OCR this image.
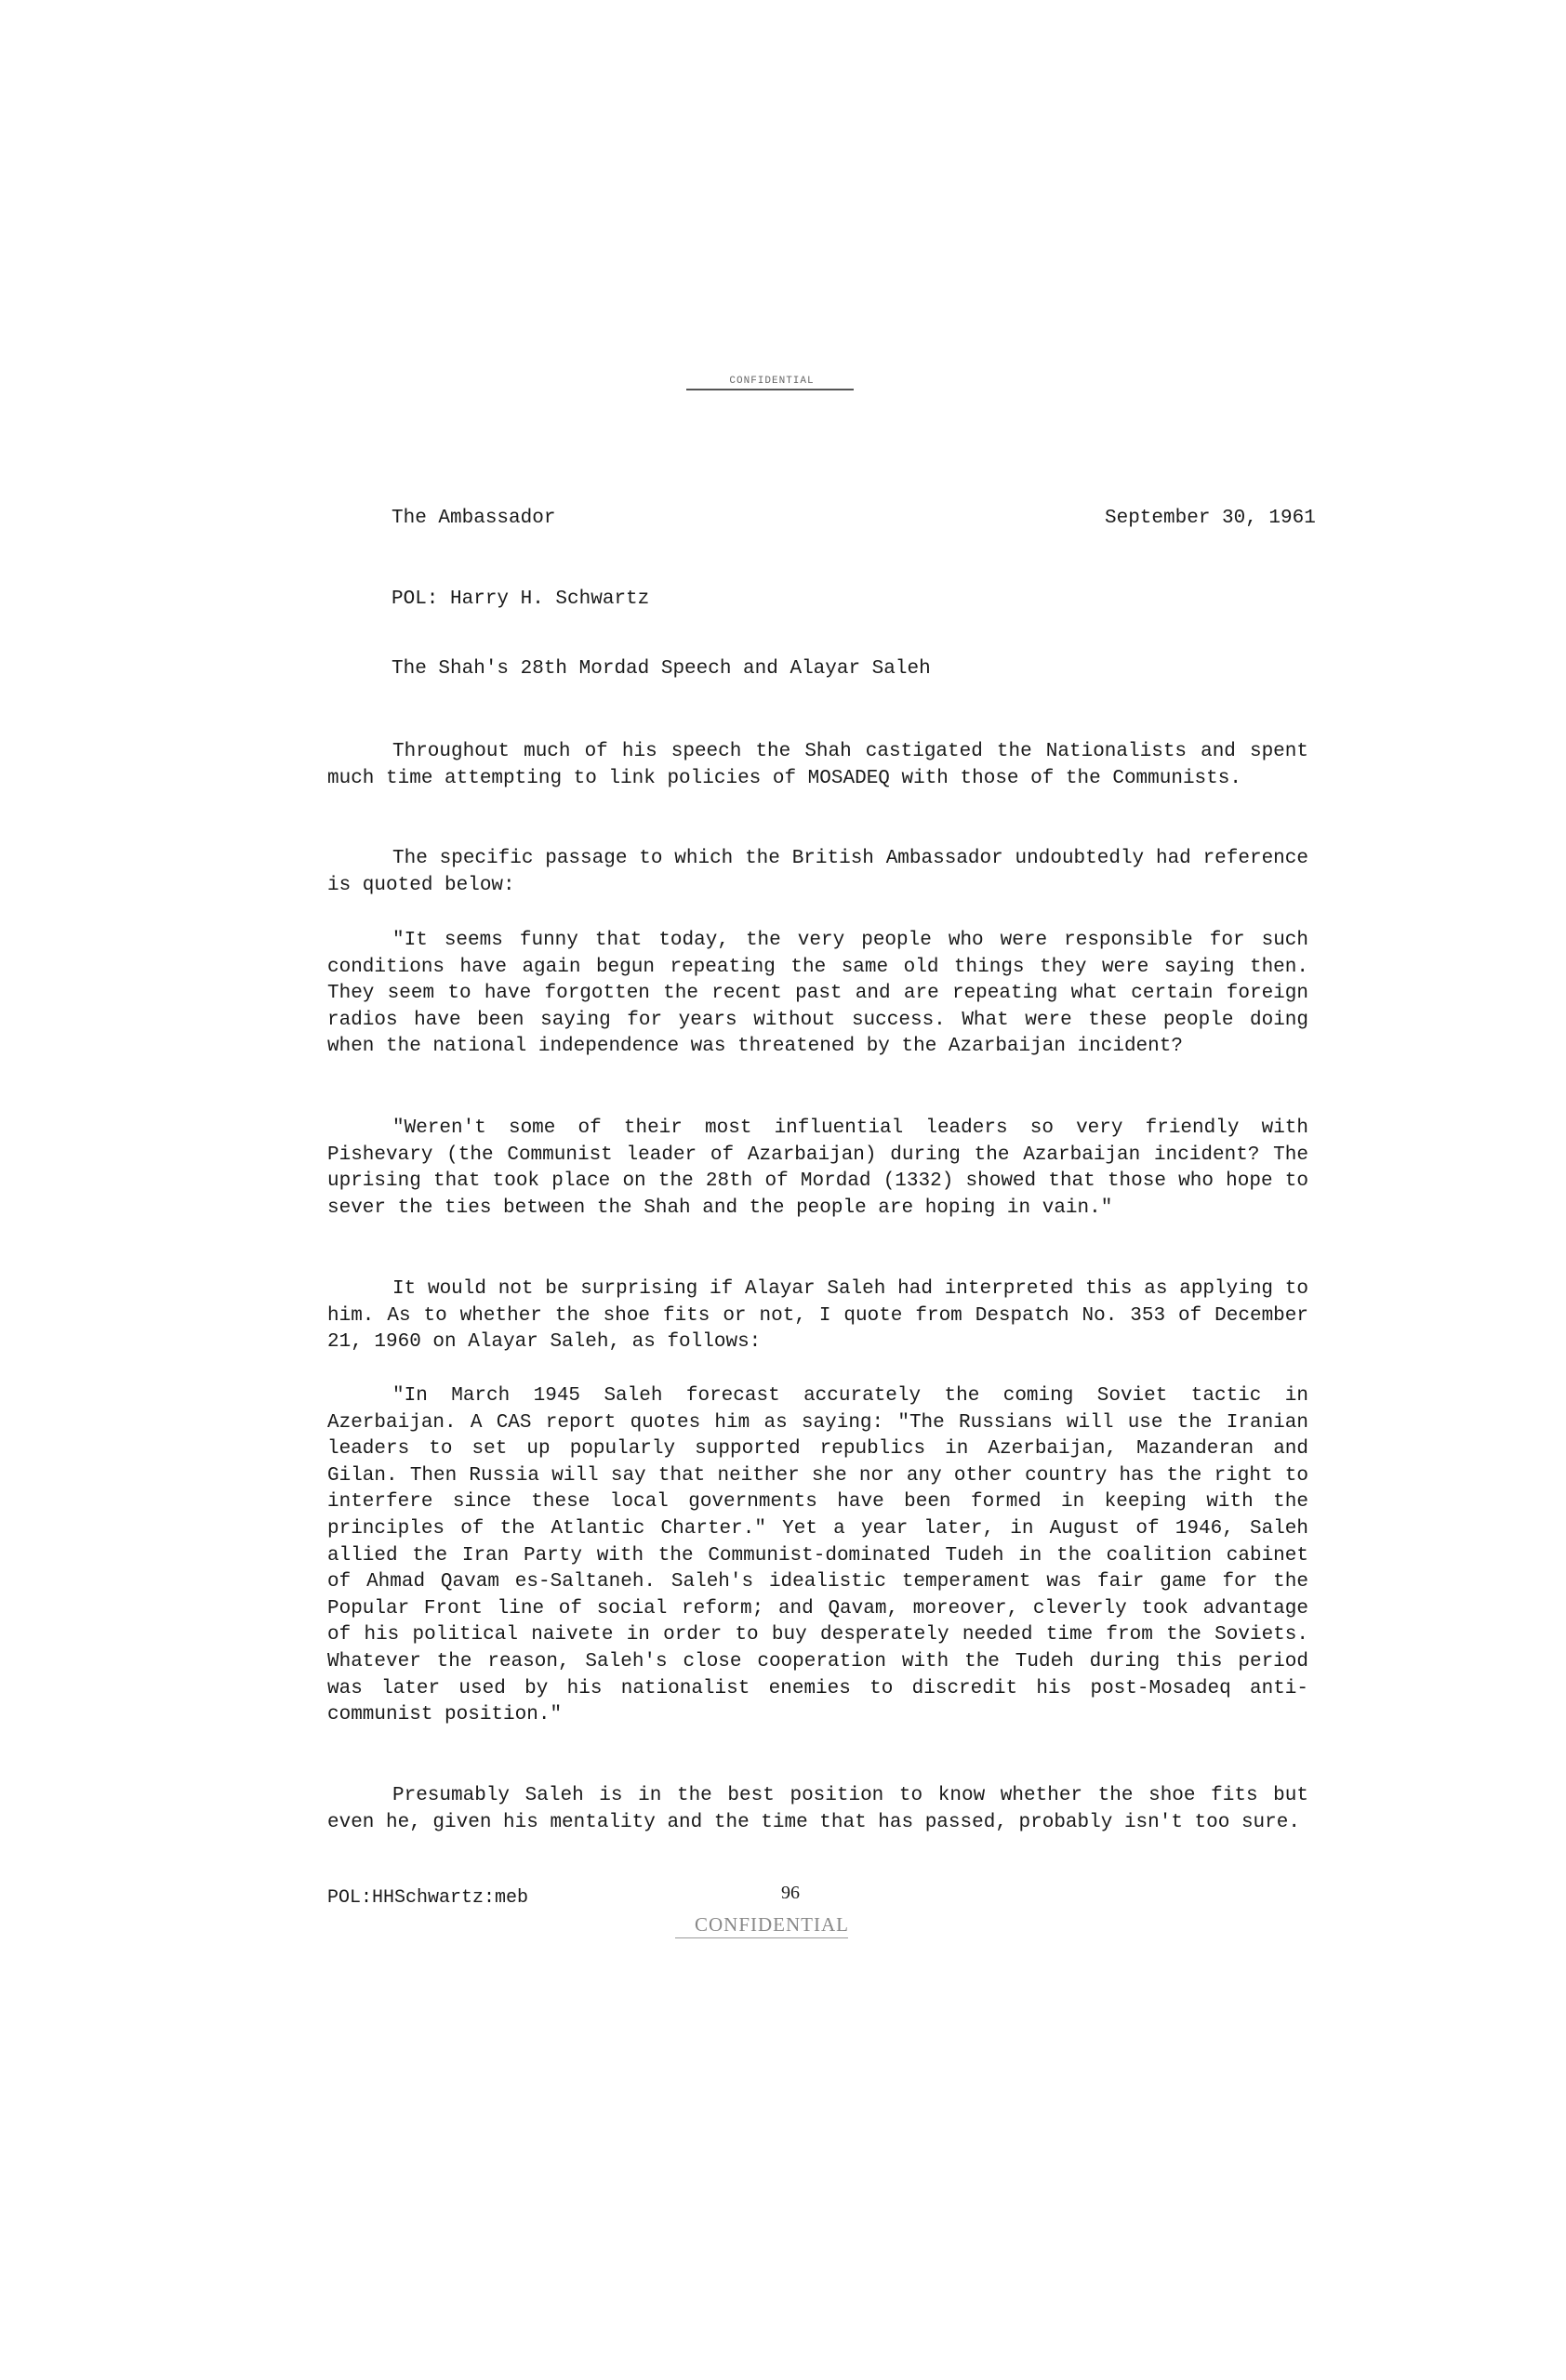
CONFIDENTIAL
The Ambassador	September 30, 1961
POL: Harry H. Schwartz
The Shah's 28th Mordad Speech and Alayar Saleh

Throughout much of his speech the Shah castigated the Nationalists and spent much time attempting to link policies of MOSADEQ with those of the Communists.

The specific passage to which the British Ambassador undoubtedly had reference is quoted below:

"It seems funny that today, the very people who were responsible for such conditions have again begun repeating the same old things they were saying then. They seem to have forgotten the recent past and are repeating what certain foreign radios have been saying for years without success. What were these people doing when the national independence was threatened by the Azarbaijan incident?

"Weren't some of their most influential leaders so very friendly with Pishevary (the Communist leader of Azarbaijan) during the Azarbaijan incident? The uprising that took place on the 28th of Mordad (1332) showed that those who hope to sever the ties between the Shah and the people are hoping in vain."

It would not be surprising if Alayar Saleh had interpreted this as applying to him. As to whether the shoe fits or not, I quote from Despatch No. 353 of December 21, 1960 on Alayar Saleh, as follows:

"In March 1945 Saleh forecast accurately the coming Soviet tactic in Azerbaijan. A CAS report quotes him as saying: "The Russians will use the Iranian leaders to set up popularly supported republics in Azerbaijan, Mazanderan and Gilan. Then Russia will say that neither she nor any other country has the right to interfere since these local governments have been formed in keeping with the principles of the Atlantic Charter." Yet a year later, in August of 1946, Saleh allied the Iran Party with the Communist-dominated Tudeh in the coalition cabinet of Ahmad Qavam es-Saltaneh. Saleh's idealistic temperament was fair game for the Popular Front line of social reform; and Qavam, moreover, cleverly took advantage of his political naivete in order to buy desperately needed time from the Soviets. Whatever the reason, Saleh's close cooperation with the Tudeh during this period was later used by his nationalist enemies to discredit his post-Mosadeq anti-communist position."

Presumably Saleh is in the best position to know whether the shoe fits but even he, given his mentality and the time that has passed, probably isn't too sure.

POL:HHSchwartz:meb	96
CONFIDENTIAL
